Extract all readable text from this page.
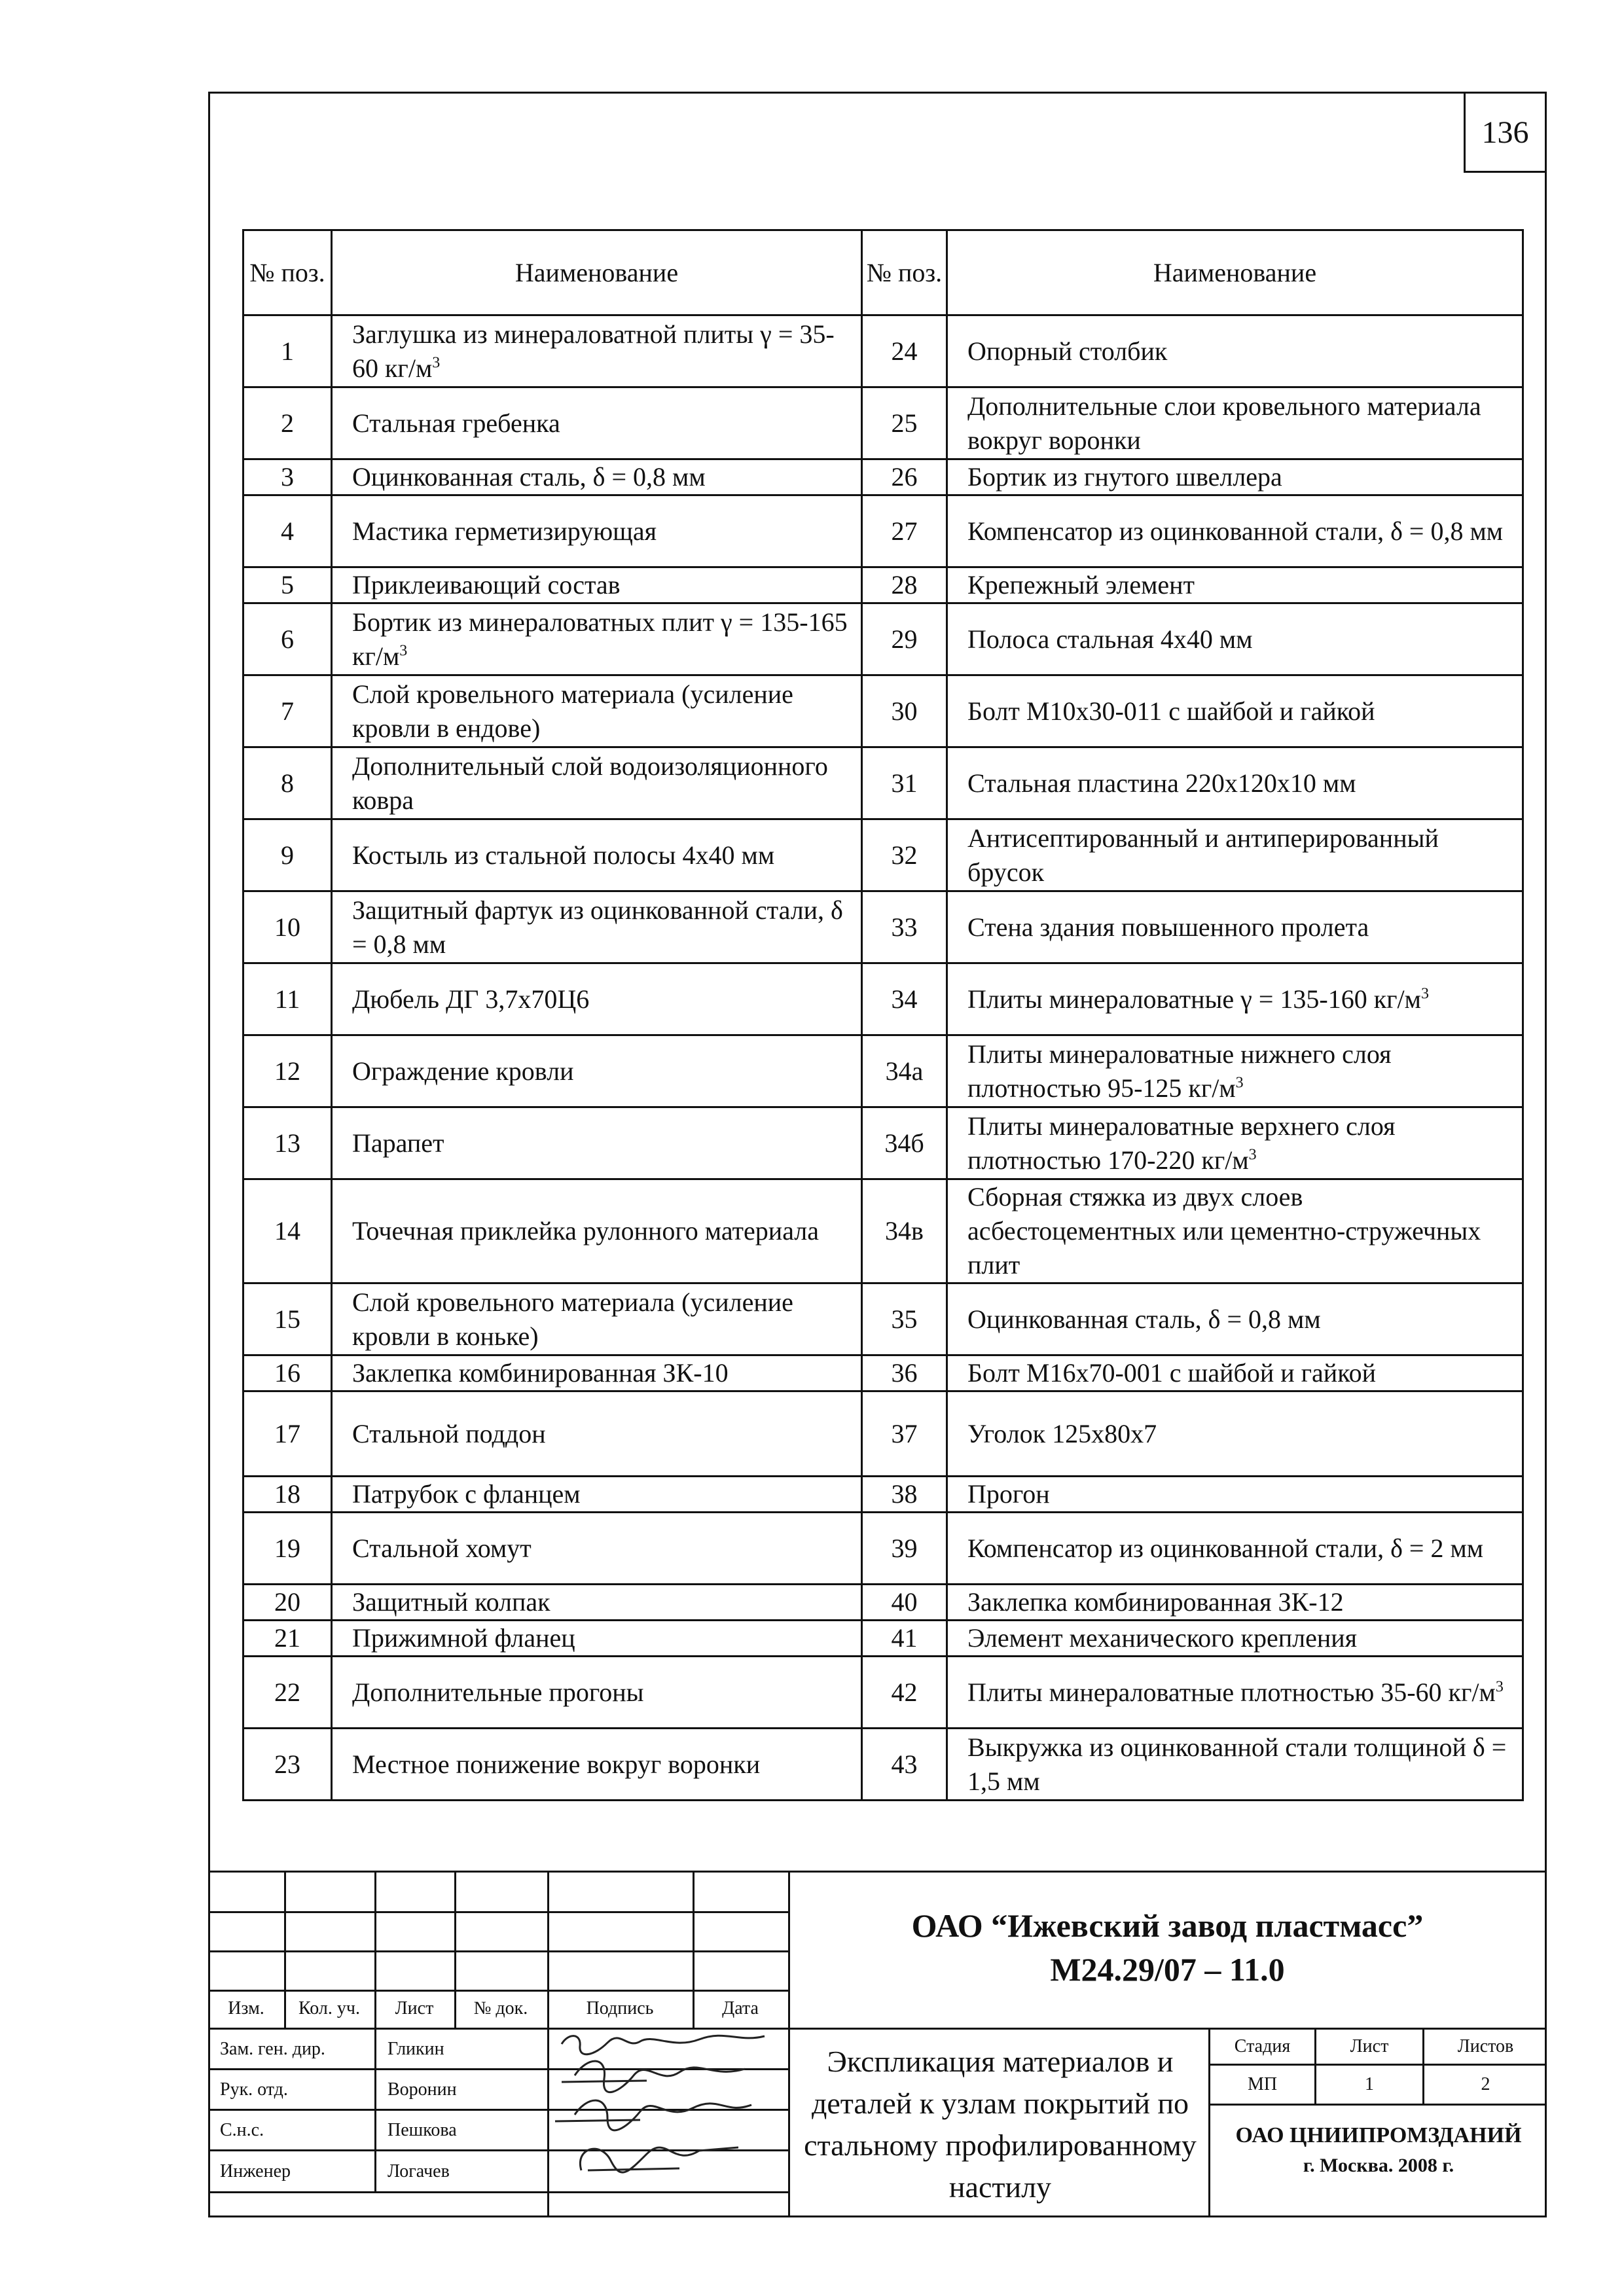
136
№ поз.	Наименование	№ поз.	Наименование
1	Заглушка из минераловатной плиты γ = 35-60 $кг/м^3$	24	Опорный столбик
2	Стальная гребенка	25	Дополнительные слои кровельного материала вокруг воронки
3	Оцинкованная сталь, δ = 0,8 мм	26	Бортик из гнутого швеллера
4	Мастика герметизирующая	27	Компенсатор из оцинкованной стали, δ = 0,8 мм
5	Приклеивающий состав	28	Крепежный элемент
6	Бортик из минераловатных плит γ = 135-165 $кг/м^3$	29	Полоса стальная 4х40 мм
7	Слой кровельного материала (усиление кровли в ендове)	30	Болт М10х30-011 с шайбой и гайкой
8	Дополнительный слой водоизоляционного ковра	31	Стальная пластина 220х120х10 мм
9	Костыль из стальной полосы 4х40 мм	32	Антисептированный и антиперированный брусок
10	Защитный фартук из оцинкованной стали, δ = 0,8 мм	33	Стена здания повышенного пролета
11	Дюбель ДГ 3,7х70Ц6	34	Плиты минераловатные γ = 135-160 $кг/м^3$
12	Ограждение кровли	34а	Плиты минераловатные нижнего слоя плотностью 95-125 $кг/м^3$
13	Парапет	34б	Плиты минераловатные верхнего слоя плотностью 170-220 $кг/м^3$
14	Точечная приклейка рулонного материала	34в	Сборная стяжка из двух слоев асбестоцементных или цементно-стружечных плит
15	Слой кровельного материала (усиление кровли в коньке)	35	Оцинкованная сталь, δ = 0,8 мм
16	Заклепка комбинированная ЗК-10	36	Болт М16х70-001 с шайбой и гайкой
17	Стальной поддон	37	Уголок 125х80х7
18	Патрубок с фланцем	38	Прогон
19	Стальной хомут	39	Компенсатор из оцинкованной стали, δ = 2 мм
20	Защитный колпак	40	Заклепка комбинированная ЗК-12
21	Прижимной фланец	41	Элемент механического крепления
22	Дополнительные прогоны	42	Плиты минераловатные плотностью 35-60 $кг/м^3$
23	Местное понижение вокруг воронки	43	Выкружка из оцинкованной стали толщиной δ = 1,5 мм
Изм.	Кол. уч.	Лист	№ док.	Подпись	Дата
Зам. ген. дир.	Гликин
Рук. отд.	Воронин
С.н.с.	Пешкова
Инженер	Логачев
ОАО “Ижевский завод пластмасс”
М24.29/07 – 11.0
Экспликация материалов и деталей к узлам покрытий по стальному профилированному настилу
Стадия	Лист	Листов
МП	1	2
ОАО ЦНИИПРОМЗДАНИЙ
г. Москва. 2008 г.
